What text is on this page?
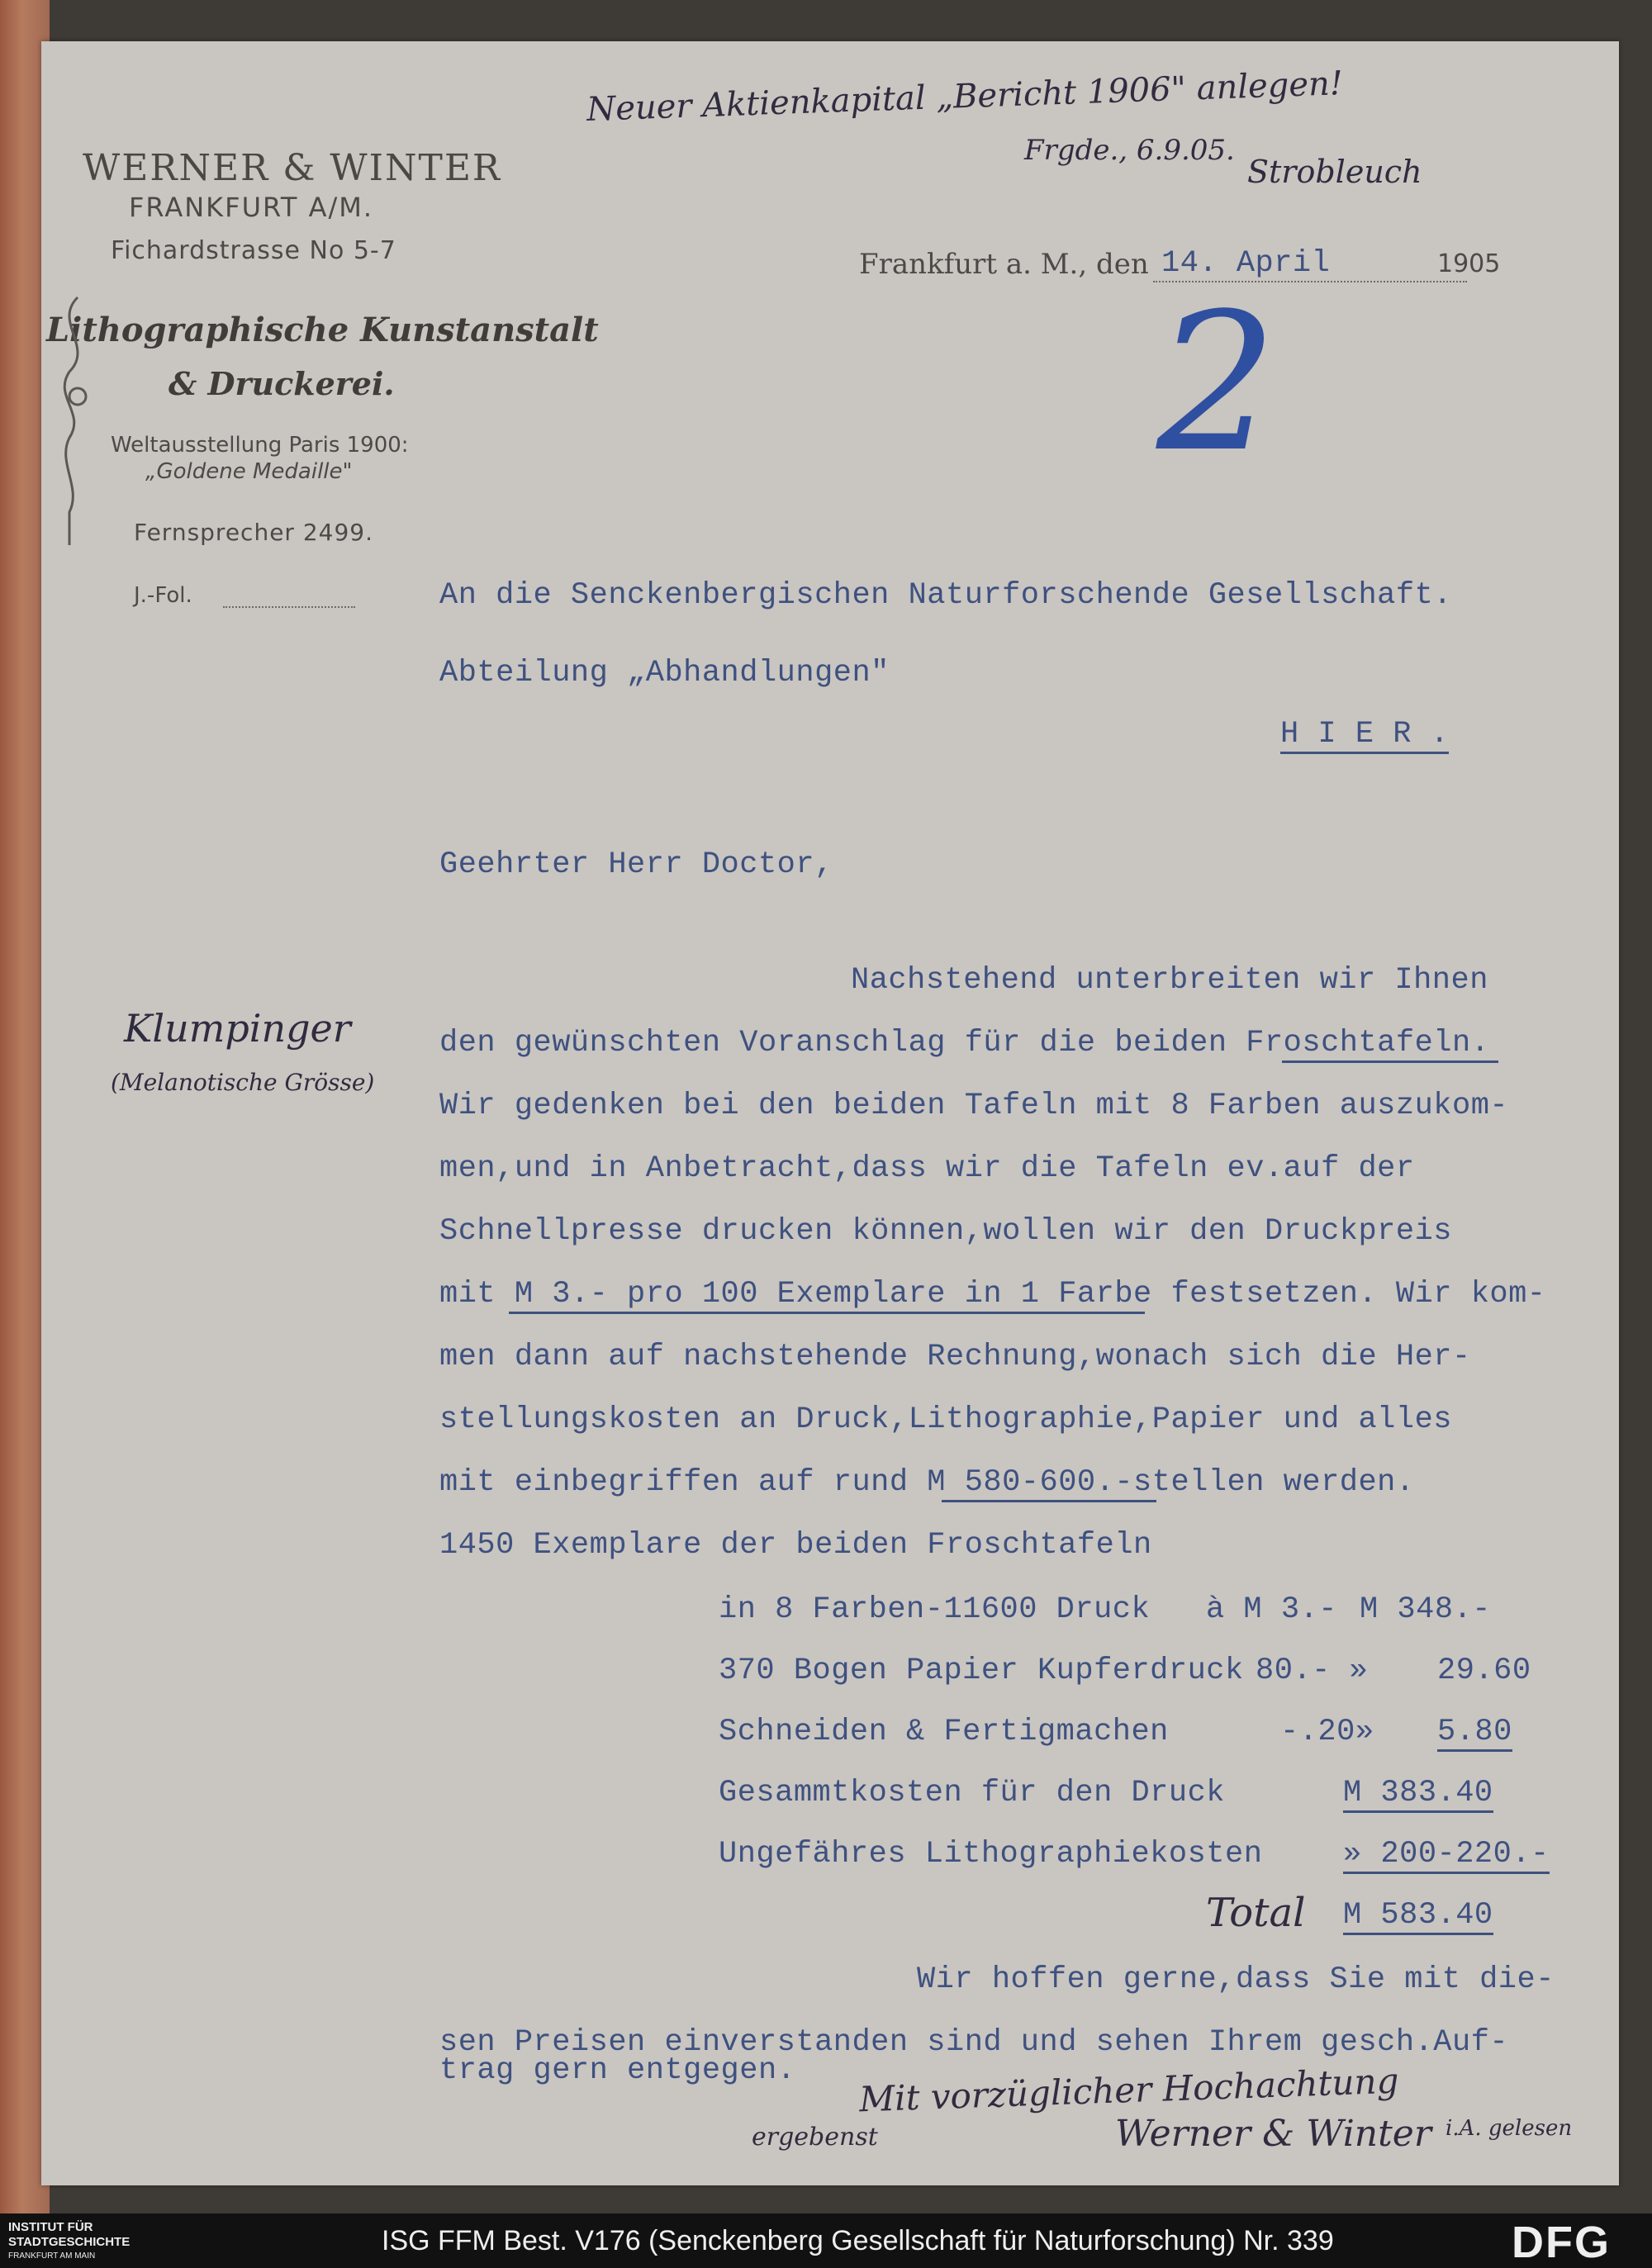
WERNER & WINTER
FRANKFURT A/M.
Fichardstrasse No 5-7
Lithographische Kunstanstalt
& Druckerei.
Weltausstellung Paris 1900:
„Goldene Medaille"
Fernsprecher 2499.
J.-Fol.
Neuer Aktienkapital „Bericht 1906" anlegen!
Frgde., 6.9.05.
Strobleuch
Frankfurt a. M., den 14. April	1905
2
An die Senckenbergischen Naturforschende Gesellschaft.
Abteilung „Abhandlungen"
H I E R .
Geehrter Herr Doctor,
Klumpinger
(Melanotische Grösse)
Nachstehend unterbreiten wir Ihnen
den gewünschten Voranschlag für die beiden Froschtafeln.
Wir gedenken bei den beiden Tafeln mit 8 Farben auszukom-
men,und in Anbetracht,dass wir die Tafeln ev.auf der
Schnellpresse drucken können,wollen wir den Druckpreis
mit M 3.- pro 100 Exemplare in 1 Farbe festsetzen. Wir kom-
men dann auf nachstehende Rechnung,wonach sich die Her-
stellungskosten an Druck,Lithographie,Papier und alles
mit einbegriffen auf rund M 580-600.-stellen werden.
1450 Exemplare der beiden Froschtafeln
in 8 Farben-11600 Druck à M 3.- M 348.-
370 Bogen Papier Kupferdruck 80.- » 29.60
Schneiden & Fertigmachen	-.20» 5.80
Gesammtkosten für den Druck	M 383.40
Ungefähres Lithographiekosten	» 200-220.-
Total M 583.40
Wir hoffen gerne,dass Sie mit die-
sen Preisen einverstanden sind und sehen Ihrem gesch.Auf-
trag gern entgegen. Mit vorzüglicher Hochachtung
ergebenst	Werner & Winter i.A. gelesen
INSTITUT FÜR
STADTGESCHICHTE
FRANKFURT AM MAIN	ISG FFM Best. V176 (Senckenberg Gesellschaft für Naturforschung) Nr. 339	DFG
